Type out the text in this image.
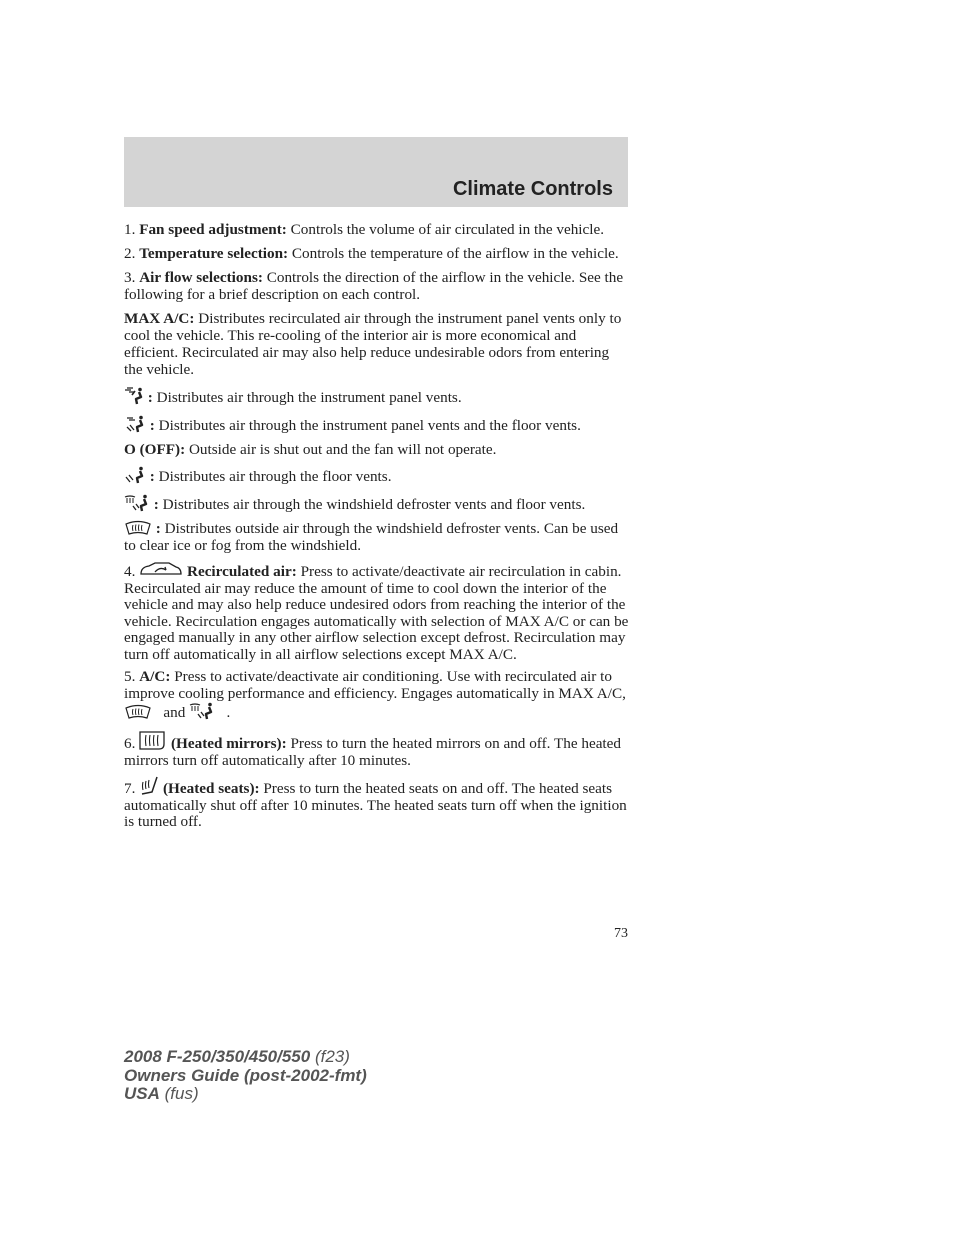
Climate Controls

1. Fan speed adjustment: Controls the volume of air circulated in the vehicle.

2. Temperature selection: Controls the temperature of the airflow in the vehicle.

3. Air flow selections: Controls the direction of the airflow in the vehicle. See the following for a brief description on each control.

MAX A/C: Distributes recirculated air through the instrument panel vents only to cool the vehicle. This re-cooling of the interior air is more economical and efficient. Recirculated air may also help reduce undesirable odors from entering the vehicle.

: Distributes air through the instrument panel vents.

: Distributes air through the instrument panel vents and the floor vents.

O (OFF): Outside air is shut out and the fan will not operate.

: Distributes air through the floor vents.

: Distributes air through the windshield defroster vents and floor vents.

: Distributes outside air through the windshield defroster vents. Can be used to clear ice or fog from the windshield.

4.	Recirculated air: Press to activate/deactivate air recirculation in cabin. Recirculated air may reduce the amount of time to cool down the interior of the vehicle and may also help reduce undesired odors from reaching the interior of the vehicle. Recirculation engages automatically with selection of MAX A/C or can be engaged manually in any other airflow selection except defrost. Recirculation may turn off automatically in all airflow selections except MAX A/C.

5. A/C: Press to activate/deactivate air conditioning. Use with recirculated air to improve cooling performance and efficiency. Engages automatically in MAX A/C,
and	.

6. (Heated mirrors): Press to turn the heated mirrors on and off. The heated mirrors turn off automatically after 10 minutes.

7. (Heated seats): Press to turn the heated seats on and off. The heated seats automatically shut off after 10 minutes. The heated seats turn off when the ignition is turned off.

73
2008 F-250/350/450/550 (f23)
Owners Guide (post-2002-fmt)
USA (fus)
